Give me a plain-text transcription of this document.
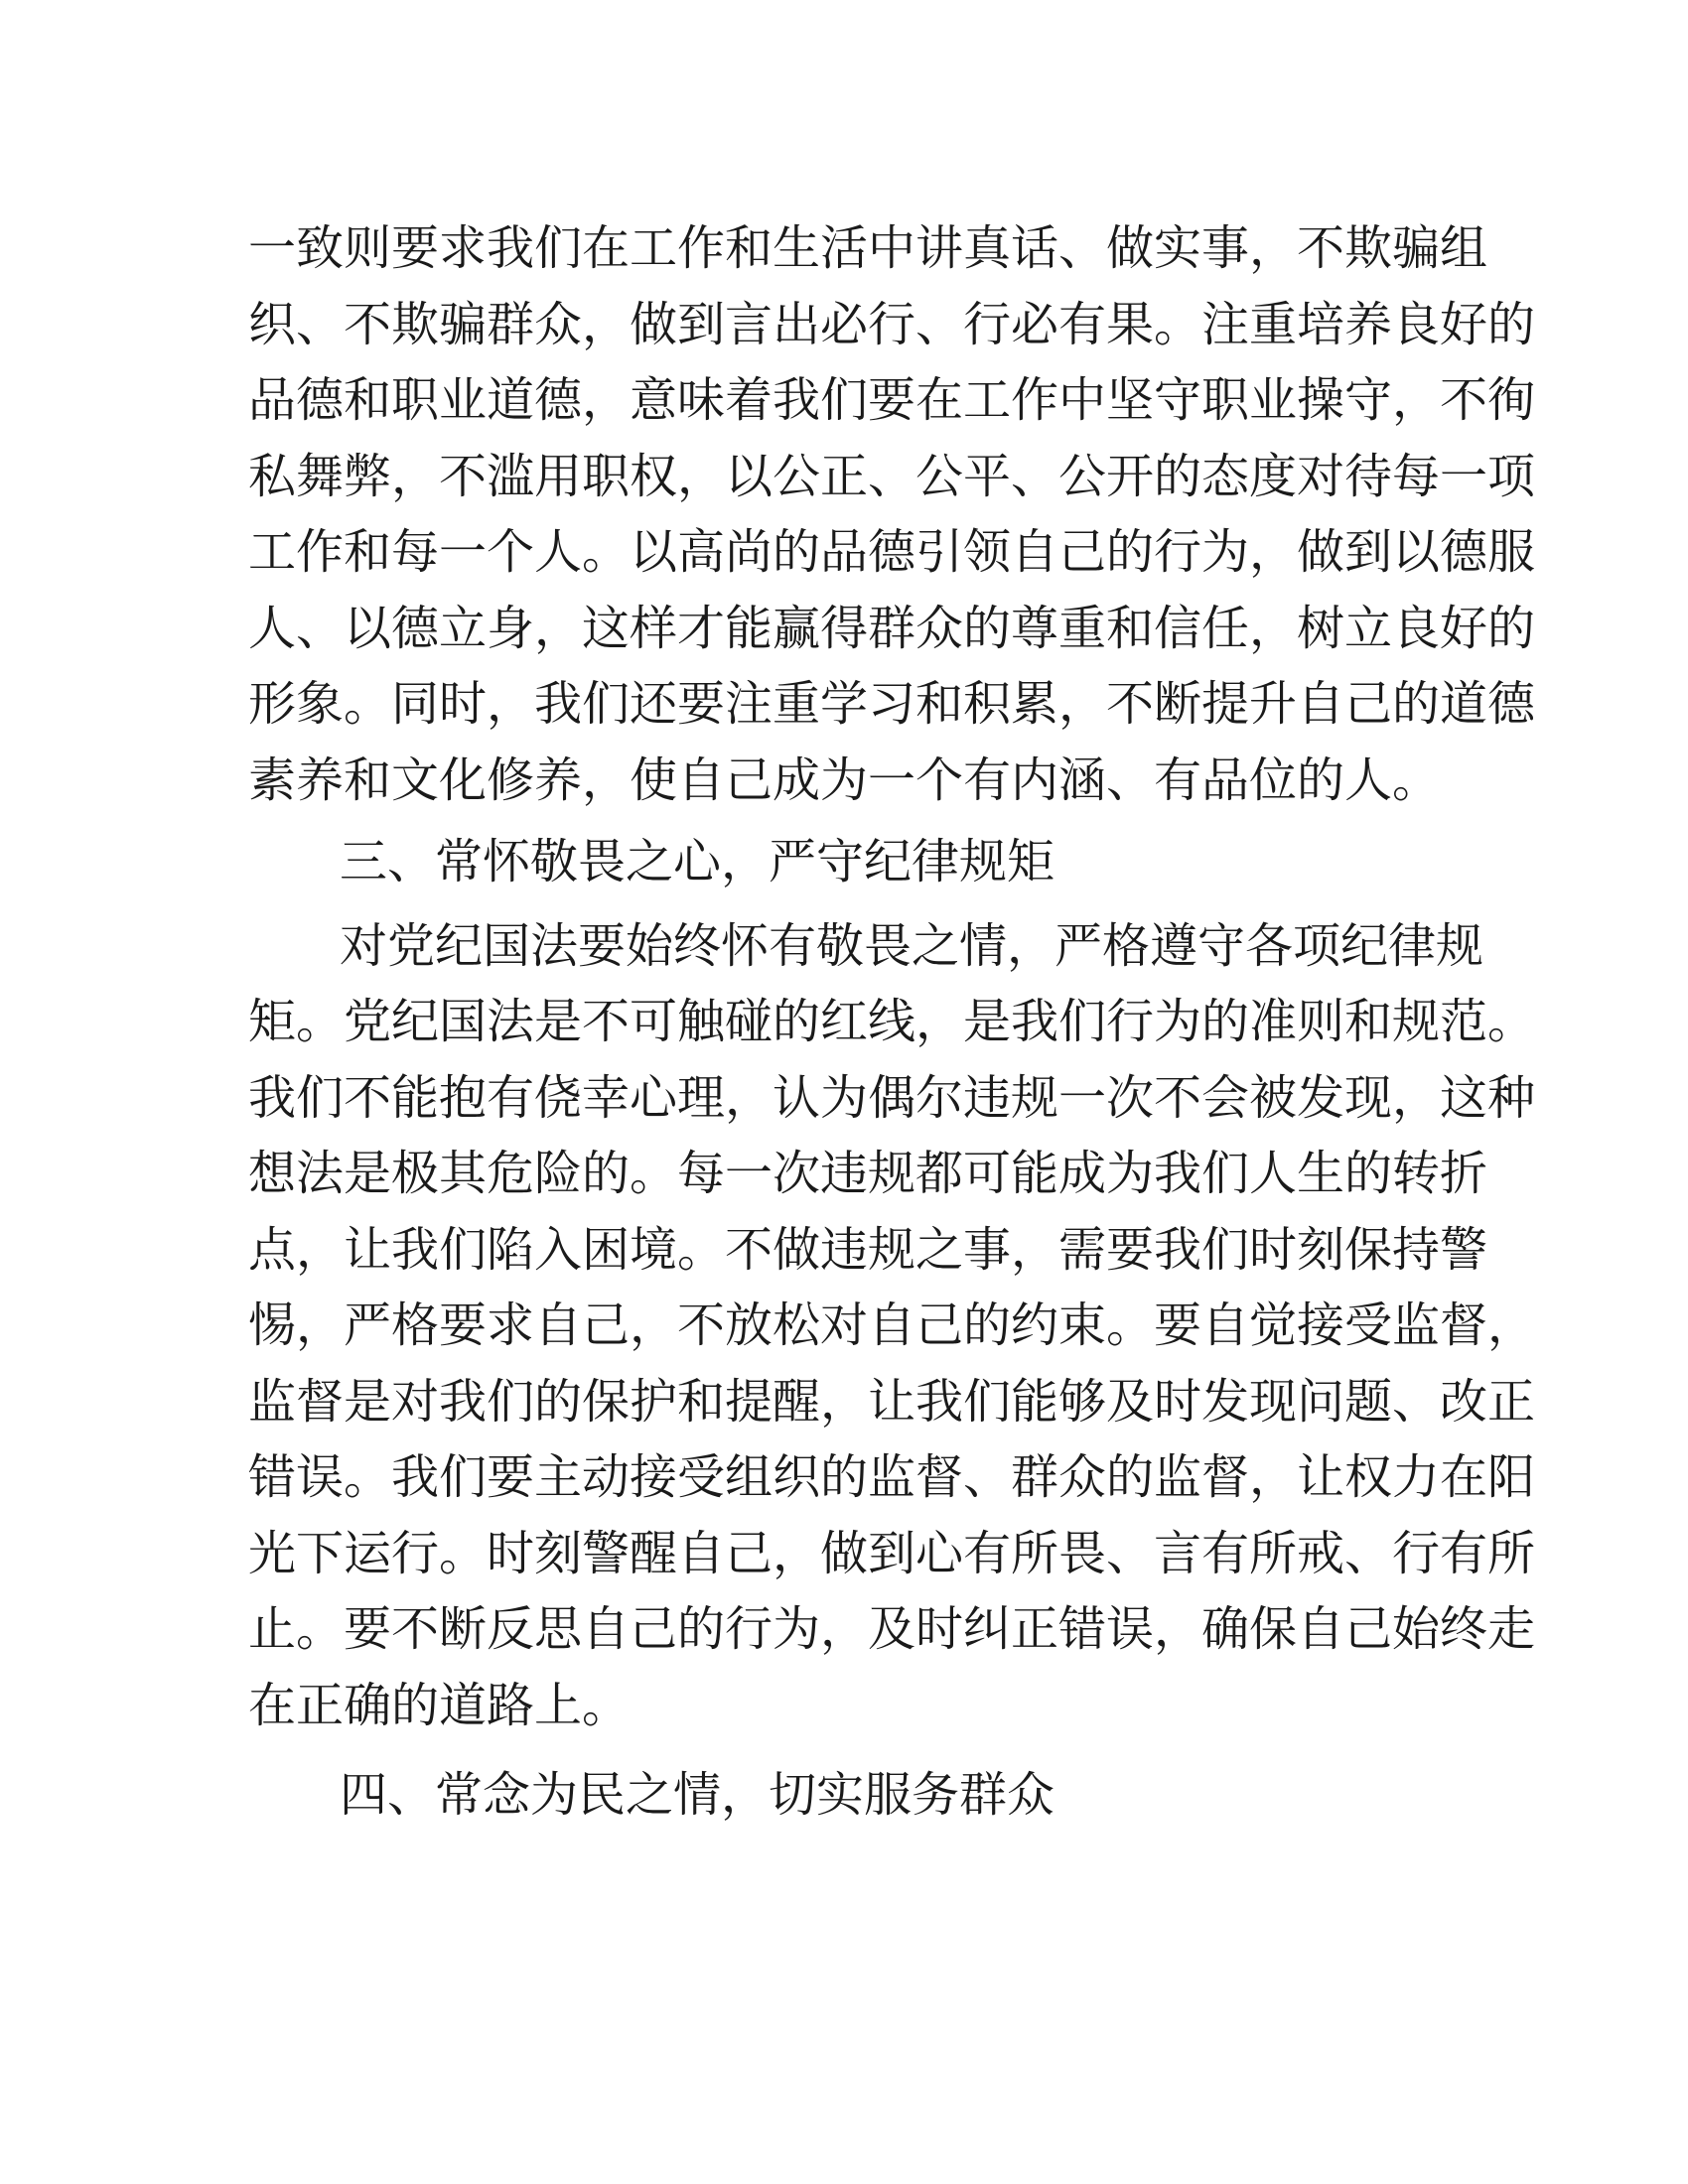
一致则要求我们在工作和生活中讲真话、做实事，不欺骗组
织、不欺骗群众，做到言出必行、行必有果。注重培养良好的
品德和职业道德，意味着我们要在工作中坚守职业操守，不徇
私舞弊，不滥用职权，以公正、公平、公开的态度对待每一项
工作和每一个人。以高尚的品德引领自己的行为，做到以德服
人、以德立身，这样才能赢得群众的尊重和信任，树立良好的
形象。同时，我们还要注重学习和积累，不断提升自己的道德
素养和文化修养，使自己成为一个有内涵、有品位的人。
三、常怀敬畏之心，严守纪律规矩
对党纪国法要始终怀有敬畏之情，严格遵守各项纪律规
矩。党纪国法是不可触碰的红线，是我们行为的准则和规范。
我们不能抱有侥幸心理，认为偶尔违规一次不会被发现，这种
想法是极其危险的。每一次违规都可能成为我们人生的转折
点，让我们陷入困境。不做违规之事，需要我们时刻保持警
惕，严格要求自己，不放松对自己的约束。要自觉接受监督，
监督是对我们的保护和提醒，让我们能够及时发现问题、改正
错误。我们要主动接受组织的监督、群众的监督，让权力在阳
光下运行。时刻警醒自己，做到心有所畏、言有所戒、行有所
止。要不断反思自己的行为，及时纠正错误，确保自己始终走
在正确的道路上。
四、常念为民之情，切实服务群众
